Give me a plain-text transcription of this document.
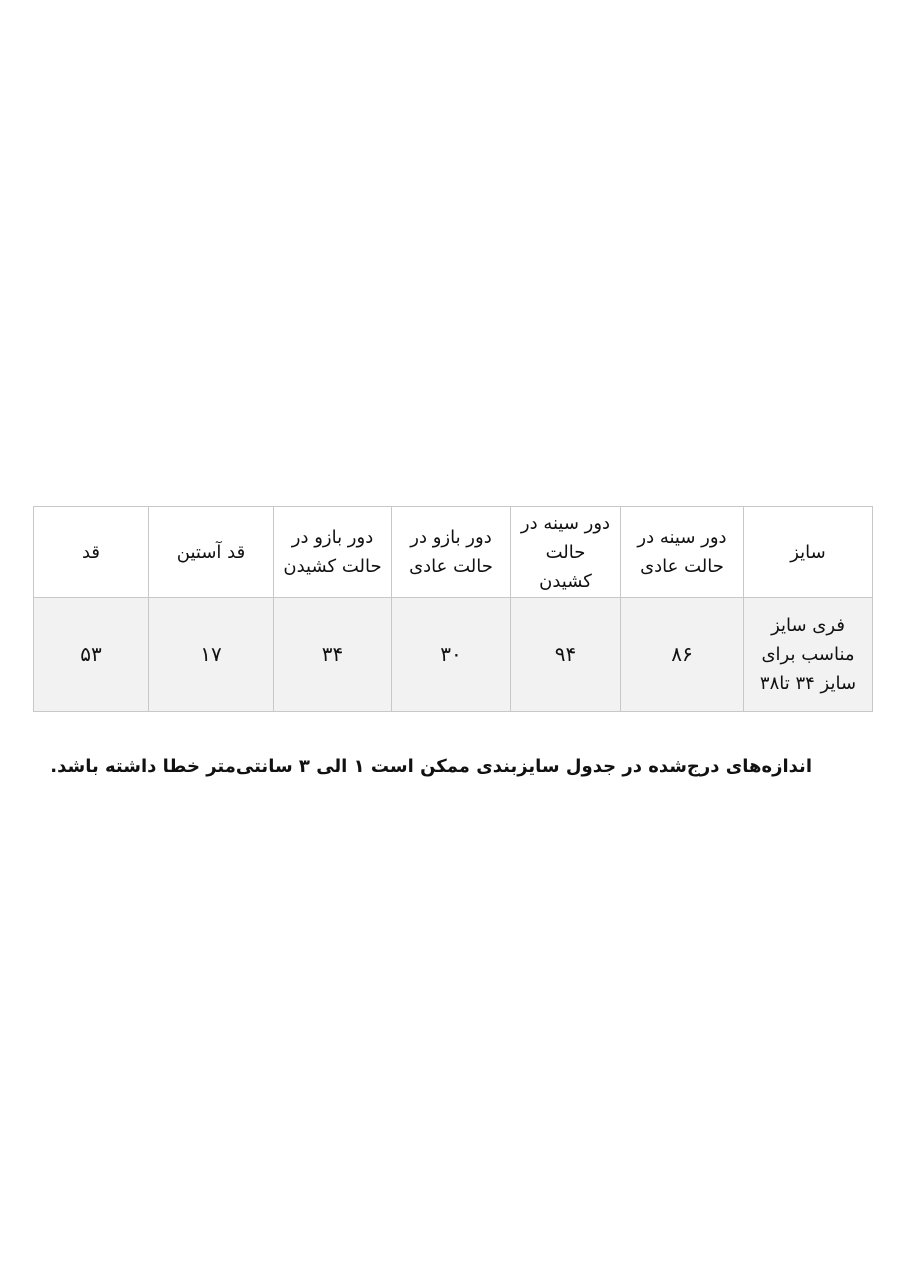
سایز	دور سینه در حالت عادی	دور سینه در حالت کشیدن	دور بازو در حالت عادی	دور بازو در حالت کشیدن	قد آستین	قد
فری سایز مناسب برای سایز ۳۴ تا۳۸	۸۶	۹۴	۳۰	۳۴	۱۷	۵۳
اندازه‌های درج‌شده در جدول سایزبندی ممکن است ۱ الی ۳ سانتی‌متر خطا داشته باشد.
